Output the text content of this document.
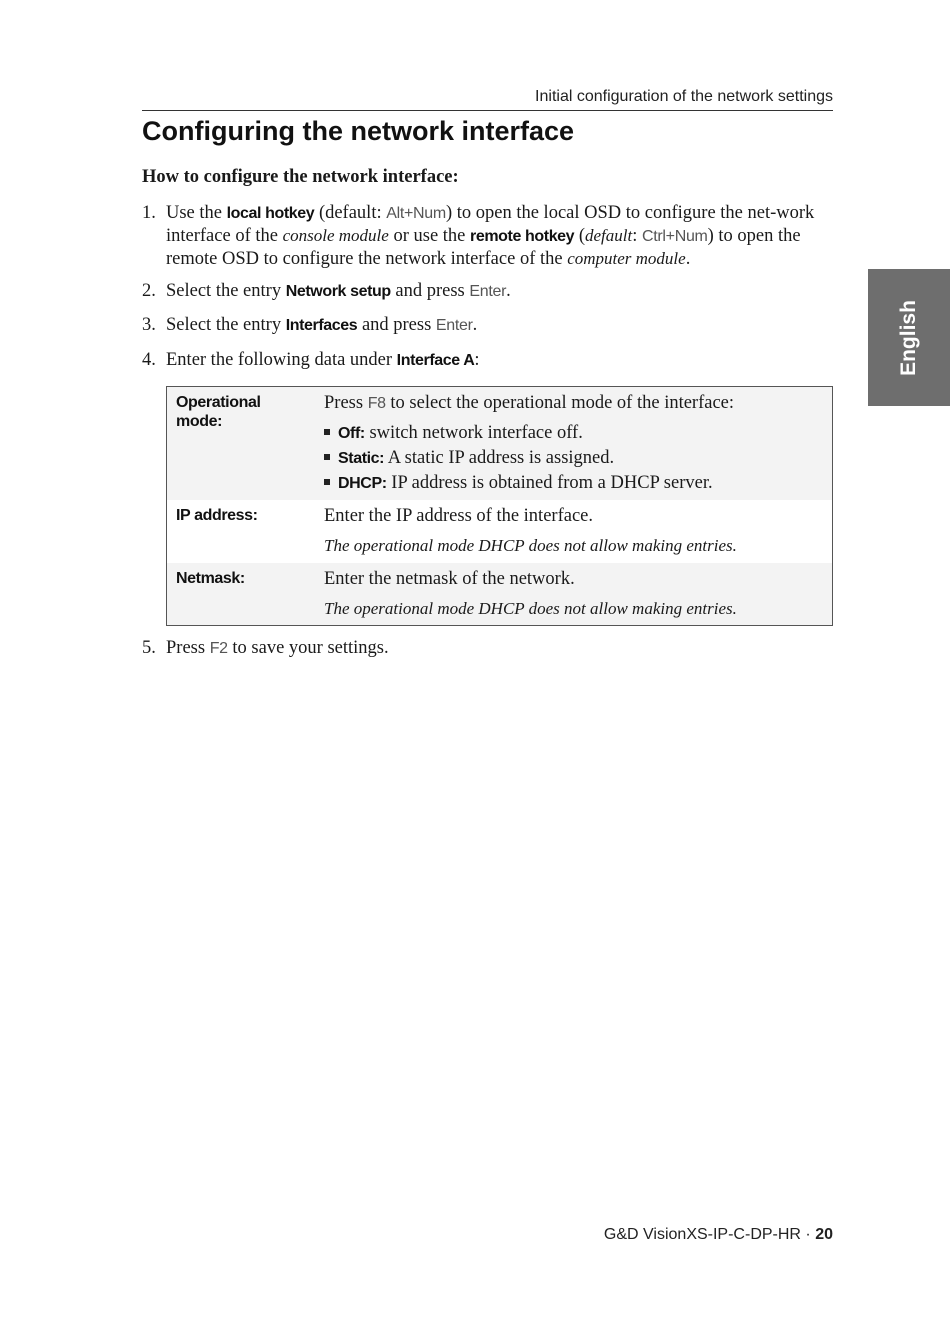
Initial configuration of the network settings
Configuring the network interface

How to configure the network interface:

1. Use the local hotkey (default: Alt+Num) to open the local OSD to configure the net-work interface of the console module or use the remote hotkey (default: Ctrl+Num) to open the remote OSD to configure the network interface of the computer module.
2. Select the entry Network setup and press Enter.
3. Select the entry Interfaces and press Enter.
4. Enter the following data under Interface A:
Operational mode:
Press F8 to select the operational mode of the interface:
Off: switch network interface off.
Static: A static IP address is assigned.
DHCP: IP address is obtained from a DHCP server.
IP address:	Enter the IP address of the interface.
The operational mode DHCP does not allow making entries.
Netmask:	Enter the netmask of the network.
The operational mode DHCP does not allow making entries.
5. Press F2 to save your settings.
English
G&D VisionXS-IP-C-DP-HR · 20
